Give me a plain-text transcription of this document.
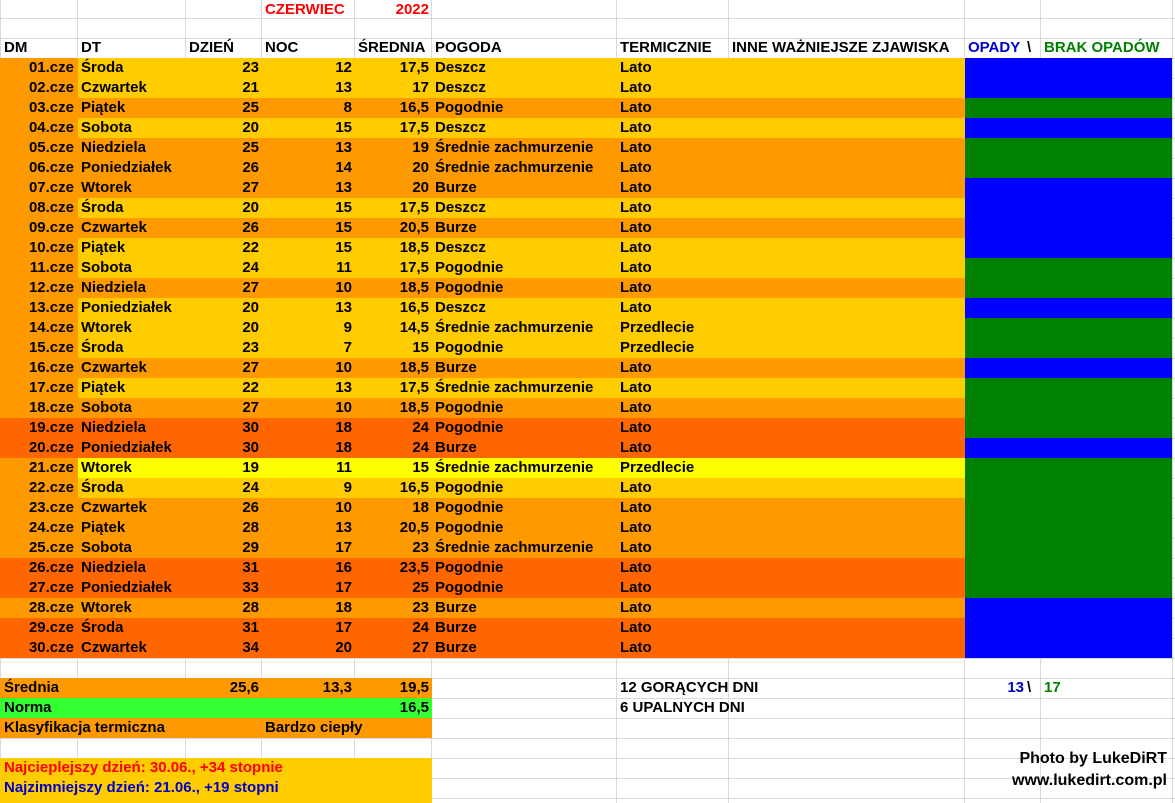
CZERWIEC	2022
DM	DT	DZIEŃ	NOC	ŚREDNIA POGODA	TERMICZNIE	INNE WAŻNIEJSZE ZJAWISKA	OPADY \ BRAK OPADÓW
01.cze Środa	23	12	17,5 Deszcz	Lato
02.cze Czwartek	21	13	17 Deszcz	Lato
03.cze Piątek	25	8	16,5 Pogodnie	Lato
04.cze Sobota	20	15	17,5 Deszcz	Lato
05.cze Niedziela	25	13	19 Średnie zachmurzenie	Lato
06.cze Poniedziałek	26	14	20 Średnie zachmurzenie	Lato
07.cze Wtorek	27	13	20 Burze	Lato
08.cze Środa	20	15	17,5 Deszcz	Lato
09.cze Czwartek	26	15	20,5 Burze	Lato
10.cze Piątek	22	15	18,5 Deszcz	Lato
11.cze Sobota	24	11	17,5 Pogodnie	Lato
12.cze Niedziela	27	10	18,5 Pogodnie	Lato
13.cze Poniedziałek	20	13	16,5 Deszcz	Lato
14.cze Wtorek	20	9	14,5 Średnie zachmurzenie	Przedlecie
15.cze Środa	23	7	15 Pogodnie	Przedlecie
16.cze Czwartek	27	10	18,5 Burze	Lato
17.cze Piątek	22	13	17,5 Średnie zachmurzenie	Lato
18.cze Sobota	27	10	18,5 Pogodnie	Lato
19.cze Niedziela	30	18	24 Pogodnie	Lato
20.cze Poniedziałek	30	18	24 Burze	Lato
21.cze Wtorek	19	11	15 Średnie zachmurzenie	Przedlecie
22.cze Środa	24	9	16,5 Pogodnie	Lato
23.cze Czwartek	26	10	18 Pogodnie	Lato
24.cze Piątek	28	13	20,5 Pogodnie	Lato
25.cze Sobota	29	17	23 Średnie zachmurzenie	Lato
26.cze Niedziela	31	16	23,5 Pogodnie	Lato
27.cze Poniedziałek	33	17	25 Pogodnie	Lato
28.cze Wtorek	28	18	23 Burze	Lato
29.cze Środa	31	17	24 Burze	Lato
30.cze Czwartek	34	20	27 Burze	Lato
Średnia	25,6	13,3	19,5	12 GORĄCYCH DNI	13 \ 17
Norma	16,5	6 UPALNYCH DNI
Klasyfikacja termiczna	Bardzo ciepły
Najcieplejszy dzień: 30.06., +34 stopnie
Najzimniejszy dzień: 21.06., +19 stopni
Photo by LukeDiRT
www.lukedirt.com.pl
